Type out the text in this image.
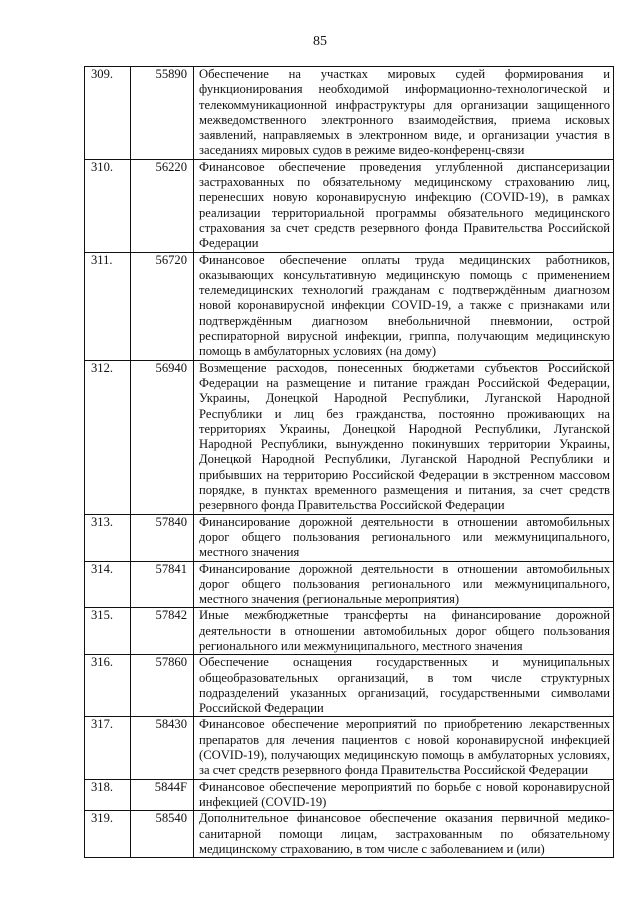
85
309.	55890	Обеспечение на участках мировых судей формирования и функционирования необходимой информационно-технологической и телекоммуникационной инфраструктуры для организации защищенного межведомственного электронного взаимодействия, приема исковых заявлений, направляемых в электронном виде, и организации участия в заседаниях мировых судов в режиме видео-конференц-связи
310.	56220	Финансовое обеспечение проведения углубленной диспансеризации застрахованных по обязательному медицинскому страхованию лиц, перенесших новую коронавирусную инфекцию (COVID-19), в рамках реализации территориальной программы обязательного медицинского страхования за счет средств резервного фонда Правительства Российской Федерации
311.	56720	Финансовое обеспечение оплаты труда медицинских работников, оказывающих консультативную медицинскую помощь с применением телемедицинских технологий гражданам с подтверждённым диагнозом новой коронавирусной инфекции COVID-19, а также с признаками или подтверждённым диагнозом внебольничной пневмонии, острой респираторной вирусной инфекции, гриппа, получающим медицинскую помощь в амбулаторных условиях (на дому)
312.	56940	Возмещение расходов, понесенных бюджетами субъектов Российской Федерации на размещение и питание граждан Российской Федерации, Украины, Донецкой Народной Республики, Луганской Народной Республики и лиц без гражданства, постоянно проживающих на территориях Украины, Донецкой Народной Республики, Луганской Народной Республики, вынужденно покинувших территории Украины, Донецкой Народной Республики, Луганской Народной Республики и прибывших на территорию Российской Федерации в экстренном массовом порядке, в пунктах временного размещения и питания, за счет средств резервного фонда Правительства Российской Федерации
313.	57840	Финансирование дорожной деятельности в отношении автомобильных дорог общего пользования регионального или межмуниципального, местного значения
314.	57841	Финансирование дорожной деятельности в отношении автомобильных дорог общего пользования регионального или межмуниципального, местного значения (региональные мероприятия)
315.	57842	Иные межбюджетные трансферты на финансирование дорожной деятельности в отношении автомобильных дорог общего пользования регионального или межмуниципального, местного значения
316.	57860	Обеспечение оснащения государственных и муниципальных общеобразовательных организаций, в том числе структурных подразделений указанных организаций, государственными символами Российской Федерации
317.	58430	Финансовое обеспечение мероприятий по приобретению лекарственных препаратов для лечения пациентов с новой коронавирусной инфекцией (COVID-19), получающих медицинскую помощь в амбулаторных условиях, за счет средств резервного фонда Правительства Российской Федерации
318.	5844F	Финансовое обеспечение мероприятий по борьбе с новой коронавирусной инфекцией (COVID-19)
319.	58540	Дополнительное финансовое обеспечение оказания первичной медико-санитарной помощи лицам, застрахованным по обязательному медицинскому страхованию, в том числе с заболеванием и (или)
